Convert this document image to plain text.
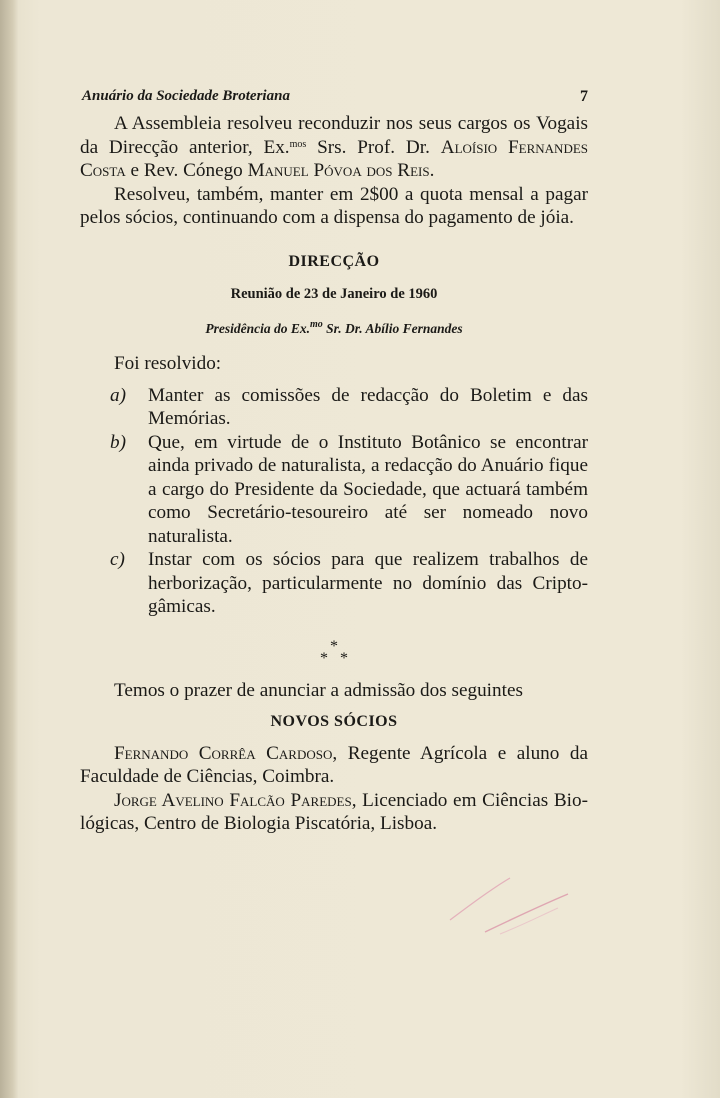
Anuário da Sociedade Broteriana	7

A Assembleia resolveu reconduzir nos seus cargos os Vogais da Direcção anterior, Ex.$^{mos}$ Srs. Prof. Dr. Aloísio Fernandes Costa e Rev. Cónego Manuel Póvoa dos Reis.

Resolveu, também, manter em 2$00 a quota mensal a pagar pelos sócios, continuando com a dispensa do pagamento de jóia.

DIRECÇÃO

Reunião de 23 de Janeiro de 1960

Presidência do Ex.$^{mo}$ Sr. Dr. Abílio Fernandes

Foi resolvido:

a) Manter as comissões de redacção do Boletim e das Memórias.
b) Que, em virtude de o Instituto Botânico se encontrar ainda privado de naturalista, a redacção do Anuário fique a cargo do Presidente da Sociedade, que actuará também como Secretário-tesoureiro até ser nomeado novo naturalista.
c) Instar com os sócios para que realizem trabalhos de herborização, particularmente no domínio das Cripto-gâmicas.

*

*   *

Temos o prazer de anunciar a admissão dos seguintes

NOVOS SÓCIOS

Fernando Corrêa Cardoso, Regente Agrícola e aluno da Faculdade de Ciências, Coimbra.

Jorge Avelino Falcão Paredes, Licenciado em Ciências Bio-lógicas, Centro de Biologia Piscatória, Lisboa.
